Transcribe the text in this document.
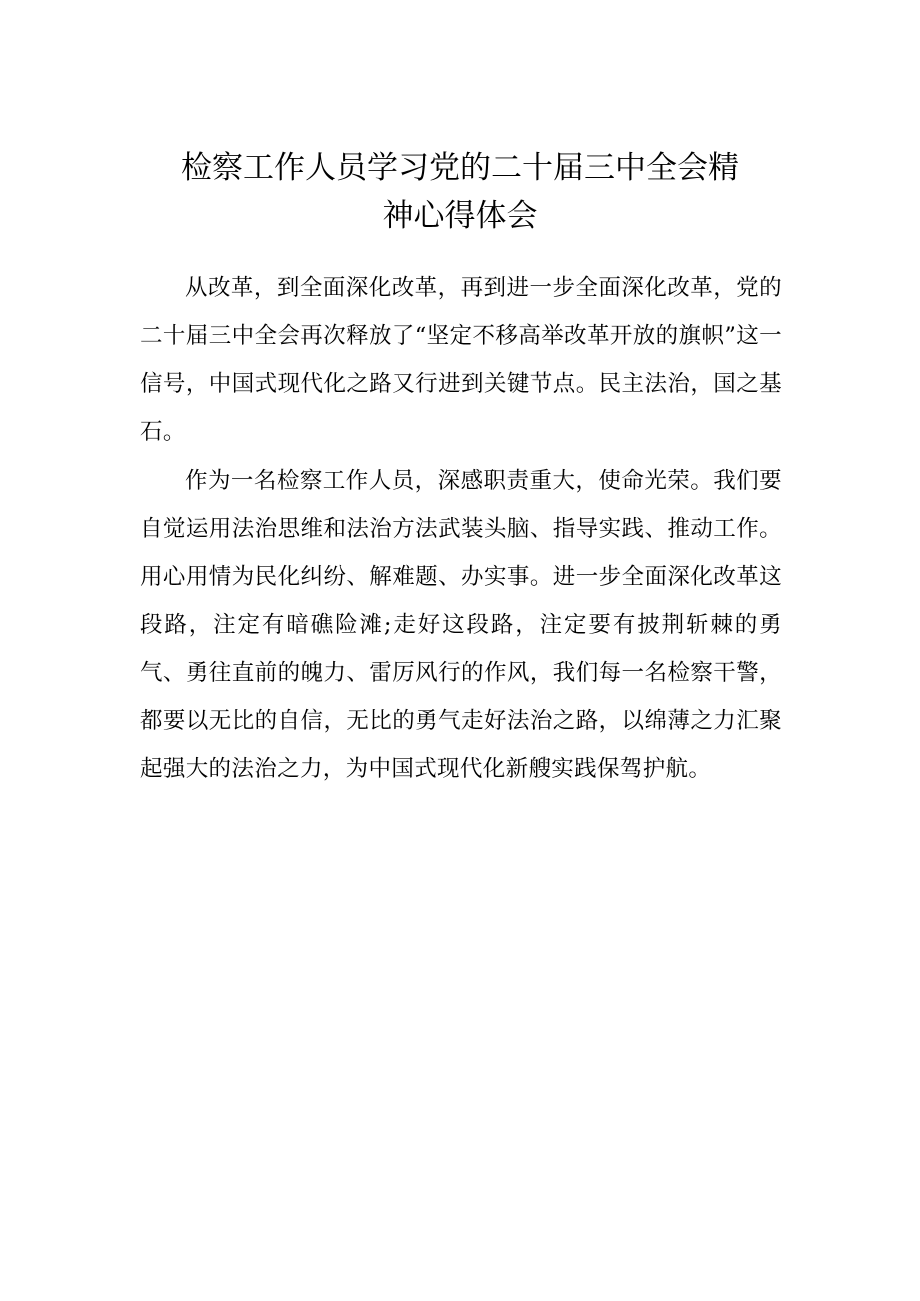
检察工作人员学习党的二十届三中全会精
神心得体会

从改革，到全面深化改革，再到进一步全面深化改革，党的二十届三中全会再次释放了“坚定不移高举改革开放的旗帜”这一信号，中国式现代化之路又行进到关键节点。民主法治，国之基石。

作为一名检察工作人员，深感职责重大，使命光荣。我们要自觉运用法治思维和法治方法武装头脑、指导实践、推动工作。用心用情为民化纠纷、解难题、办实事。进一步全面深化改革这段路，注定有暗礁险滩;走好这段路，注定要有披荆斩棘的勇气、勇往直前的魄力、雷厉风行的作风，我们每一名检察干警，都要以无比的自信，无比的勇气走好法治之路，以绵薄之力汇聚起强大的法治之力，为中国式现代化新艘实践保驾护航。
